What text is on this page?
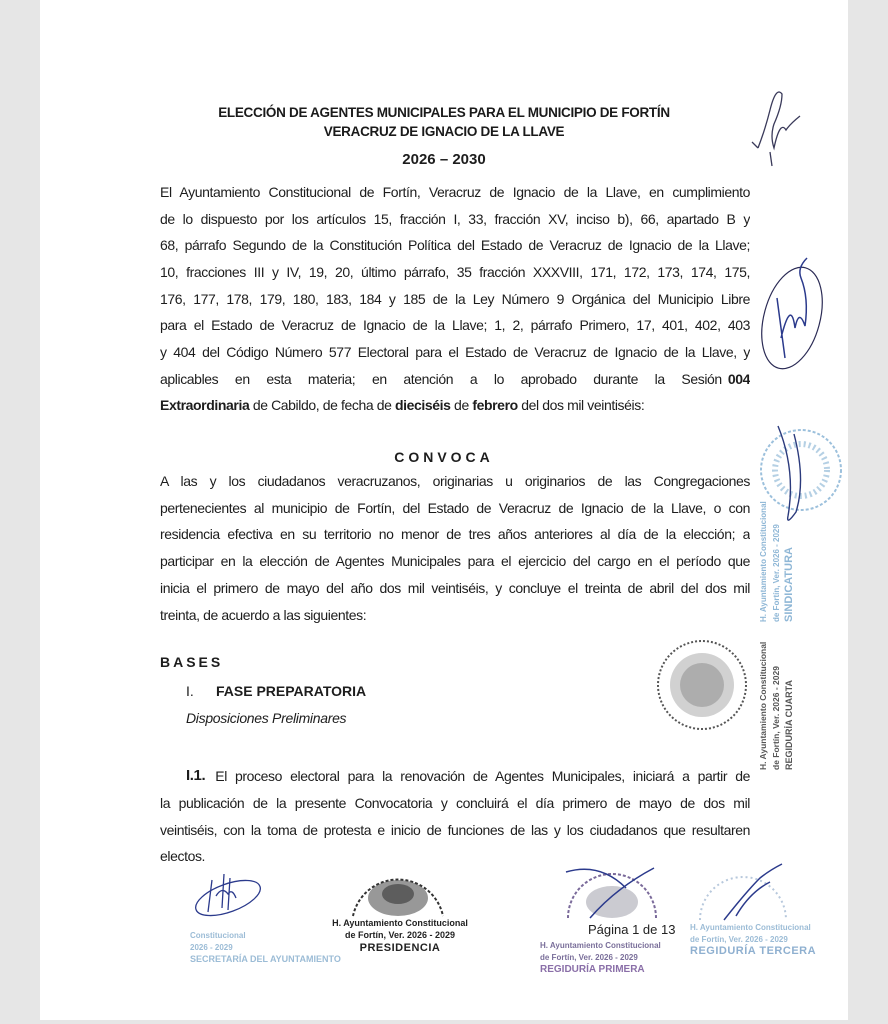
ELECCIÓN DE AGENTES MUNICIPALES PARA EL MUNICIPIO DE FORTÍN
VERACRUZ DE IGNACIO DE LA LLAVE
2026 – 2030
El Ayuntamiento Constitucional de Fortín, Veracruz de Ignacio de la Llave, en cumplimiento
de lo dispuesto por los artículos 15, fracción I, 33, fracción XV, inciso b), 66, apartado B y
68, párrafo Segundo de la Constitución Política del Estado de Veracruz de Ignacio de la Llave;
10, fracciones III y IV, 19, 20, último párrafo, 35 fracción XXXVIII, 171, 172, 173, 174, 175,
176, 177, 178, 179, 180, 183, 184 y 185 de la Ley Número 9 Orgánica del Municipio Libre
para el Estado de Veracruz de Ignacio de la Llave; 1, 2, párrafo Primero, 17, 401, 402, 403
y 404 del Código Número 577 Electoral para el Estado de Veracruz de Ignacio de la Llave, y
aplicables en esta materia; en atención a lo aprobado durante la Sesión 004
Extraordinaria de Cabildo, de fecha de dieciséis de febrero del dos mil veintiséis:
CONVOCA
A las y los ciudadanos veracruzanos, originarias u originarios de las Congregaciones
pertenecientes al municipio de Fortín, del Estado de Veracruz de Ignacio de la Llave, o con
residencia efectiva en su territorio no menor de tres años anteriores al día de la elección; a
participar en la elección de Agentes Municipales para el ejercicio del cargo en el período que
inicia el primero de mayo del año dos mil veintiséis, y concluye el treinta de abril del dos mil
treinta, de acuerdo a las siguientes:
BASES
I. FASE PREPARATORIA
Disposiciones Preliminares
I.1. El proceso electoral para la renovación de Agentes Municipales, iniciará a partir de
la publicación de la presente Convocatoria y concluirá el día primero de mayo de dos mil
veintiséis, con la toma de protesta e inicio de funciones de las y los ciudadanos que resultaren
electos.
H. Ayuntamiento Constitucional de Fortín, Ver. 2026 - 2029 SINDICATURA
H. Ayuntamiento Constitucional de Fortín, Ver. 2026 - 2029 REGIDURÍA CUARTA
Constitucional
2026 - 2029
SECRETARÍA DEL AYUNTAMIENTO
H. Ayuntamiento Constitucional
de Fortín, Ver. 2026 - 2029
PRESIDENCIA
Página 1 de 13
H. Ayuntamiento Constitucional
de Fortín, Ver. 2026 - 2029
REGIDURÍA PRIMERA
H. Ayuntamiento Constitucional
de Fortín, Ver. 2026 - 2029
REGIDURÍA TERCERA
